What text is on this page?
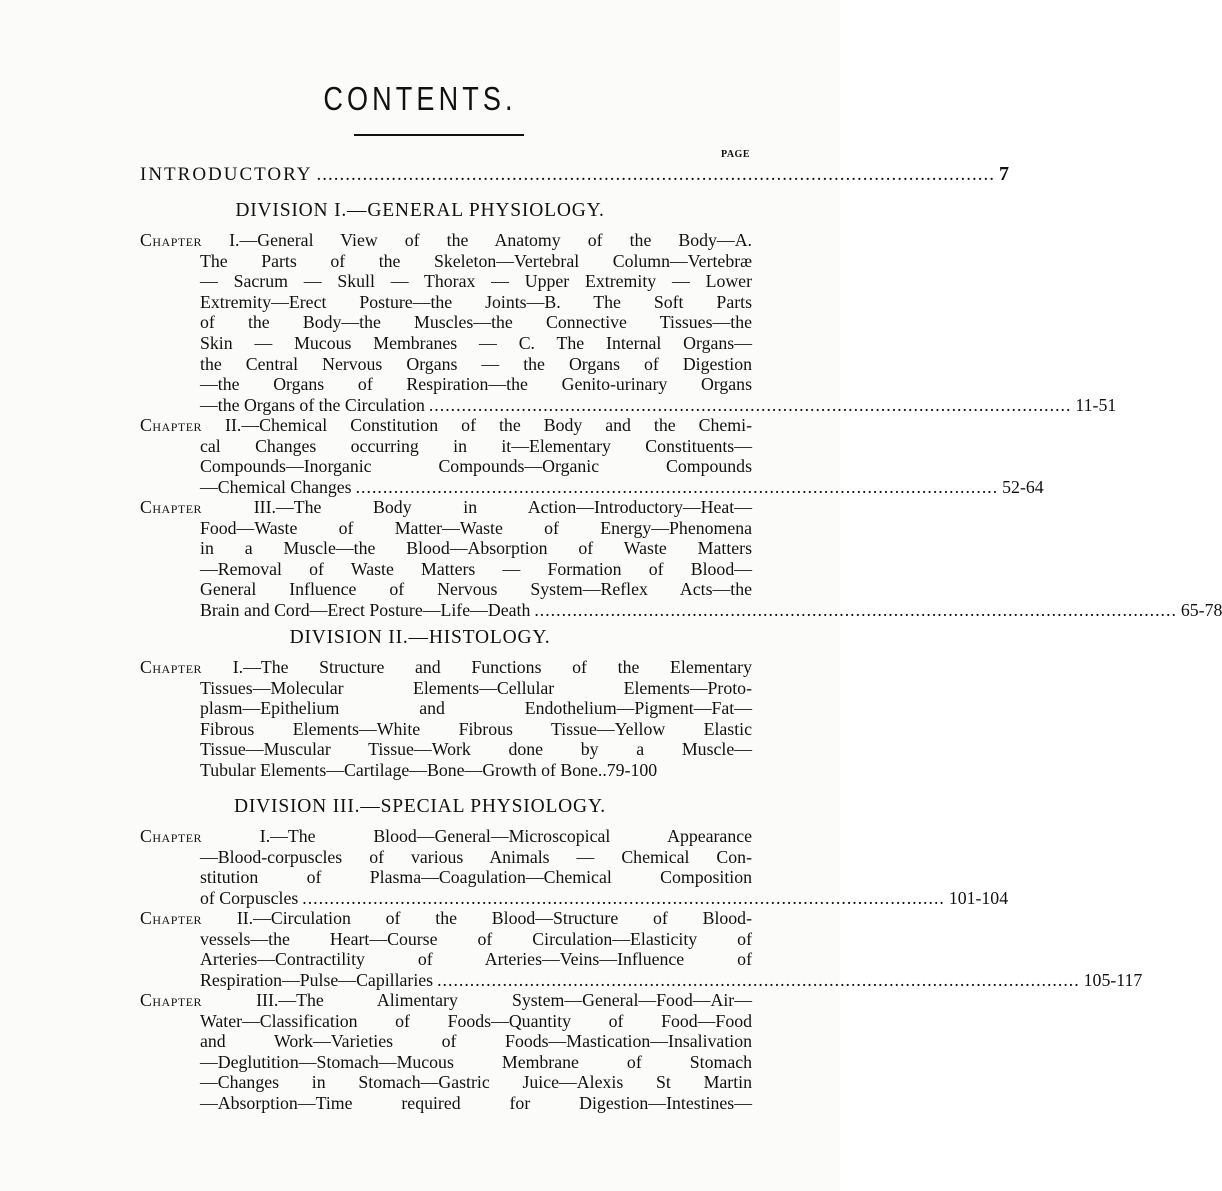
CONTENTS.
PAGE
INTRODUCTORY ...................................................................................................................... 7
DIVISION I.—GENERAL PHYSIOLOGY.
Chapter I.—General View of the Anatomy of the Body—A.
The Parts of the Skeleton—Vertebral Column—Vertebræ
— Sacrum — Skull — Thorax — Upper Extremity — Lower
Extremity—Erect Posture—the Joints—B. The Soft Parts
of the Body—the Muscles—the Connective Tissues—the
Skin — Mucous Membranes — C. The Internal Organs—
the Central Nervous Organs — the Organs of Digestion
—the Organs of Respiration—the Genito-urinary Organs
—the Organs of the Circulation ...................................................................................................................... 11-51
Chapter II.—Chemical Constitution of the Body and the Chemi-
cal Changes occurring in it—Elementary Constituents—
Compounds—Inorganic Compounds—Organic Compounds
—Chemical Changes ...................................................................................................................... 52-64
Chapter III.—The Body in Action—Introductory—Heat—
Food—Waste of Matter—Waste of Energy—Phenomena
in a Muscle—the Blood—Absorption of Waste Matters
—Removal of Waste Matters — Formation of Blood—
General Influence of Nervous System—Reflex Acts—the
Brain and Cord—Erect Posture—Life—Death ...................................................................................................................... 65-78
DIVISION II.—HISTOLOGY.
Chapter I.—The Structure and Functions of the Elementary
Tissues—Molecular Elements—Cellular Elements—Proto-
plasm—Epithelium and Endothelium—Pigment—Fat—
Fibrous Elements—White Fibrous Tissue—Yellow Elastic
Tissue—Muscular Tissue—Work done by a Muscle—
Tubular Elements—Cartilage—Bone—Growth of Bone.. 79-100
DIVISION III.—SPECIAL PHYSIOLOGY.
Chapter I.—The Blood—General—Microscopical Appearance
—Blood-corpuscles of various Animals — Chemical Con-
stitution of Plasma—Coagulation—Chemical Composition
of Corpuscles ...................................................................................................................... 101-104
Chapter II.—Circulation of the Blood—Structure of Blood-
vessels—the Heart—Course of Circulation—Elasticity of
Arteries—Contractility of Arteries—Veins—Influence of
Respiration—Pulse—Capillaries ...................................................................................................................... 105-117
Chapter III.—The Alimentary System—General—Food—Air—
Water—Classification of Foods—Quantity of Food—Food
and Work—Varieties of Foods—Mastication—Insalivation
—Deglutition—Stomach—Mucous Membrane of Stomach
—Changes in Stomach—Gastric Juice—Alexis St Martin
—Absorption—Time required for Digestion—Intestines—
